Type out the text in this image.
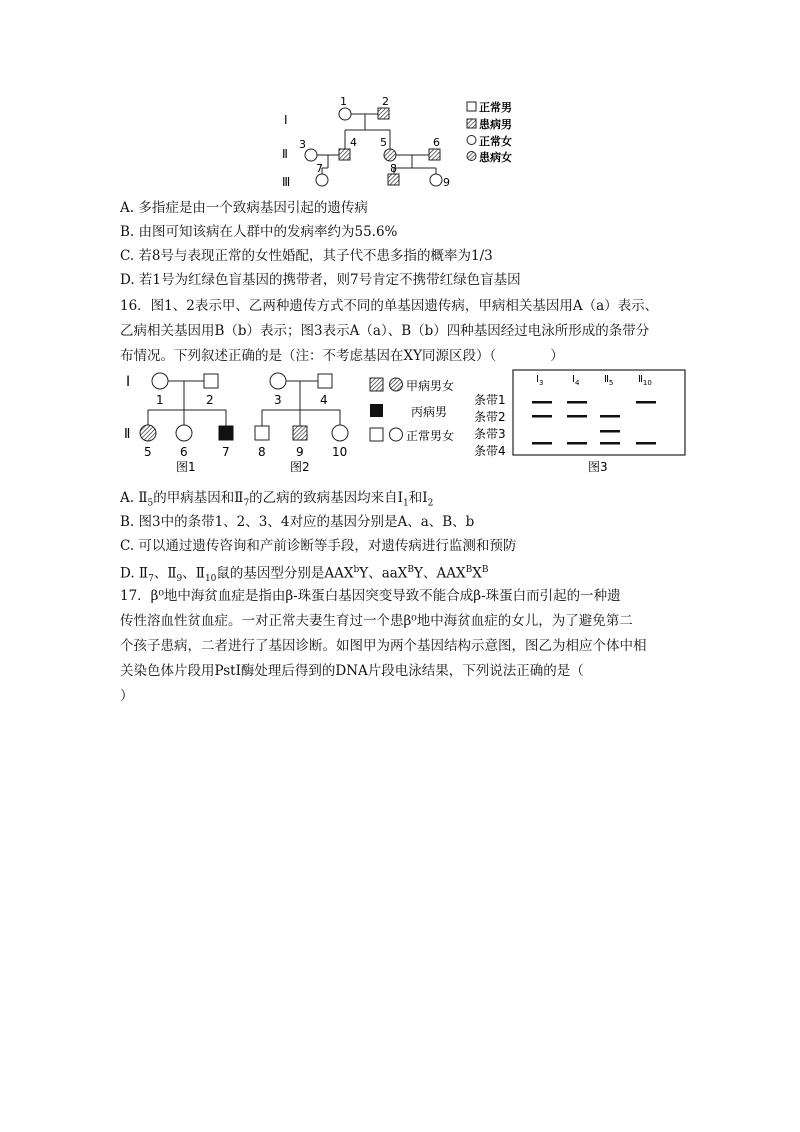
Ⅰ
Ⅱ
Ⅲ
1	2
3	4 5	6
7	8
9
正常男
患病男
正常女
患病女
A. 多指症是由一个致病基因引起的遗传病
B. 由图可知该病在人群中的发病率约为55.6%
C. 若8号与表现正常的女性婚配，其子代不患多指的概率为1/3
D. 若1号为红绿色盲基因的携带者，则7号肯定不携带红绿色盲基因
16．图1、2表示甲、乙两种遗传方式不同的单基因遗传病，甲病相关基因用A（a）表示、
乙病相关基因用B（b）表示；图3表示A（a）、B（b）四种基因经过电泳所形成的条带分
布情况。下列叙述正确的是（注：不考虑基因在XY同源区段）（　　　　）
Ⅰ
Ⅱ
1	2
5 6	7
图1
3	4
8	9 10
图2
甲病男女
丙病男
正常男女
$Ⅰ_3$	$Ⅰ_4$ $Ⅱ_5$ $Ⅱ_{10}$
条带1
条带2
条带3
条带4
图3
A. $Ⅱ_5$的甲病基因和$Ⅱ_7$的乙病的致病基因均来自$Ⅰ_1$和$Ⅰ_2$
B. 图3中的条带1、2、3、4对应的基因分别是A、a、B、b
C. 可以通过遗传咨询和产前诊断等手段，对遗传病进行监测和预防
D. $Ⅱ_7$、$Ⅱ_9$、$Ⅱ_{10}$鼠的基因型分别是AAX$^b$Y、aaX$^B$Y、$AAX^BX^B$
17．β⁰地中海贫血症是指由β-珠蛋白基因突变导致不能合成β-珠蛋白而引起的一种遗
传性溶血性贫血症。一对正常夫妻生育过一个患β⁰地中海贫血症的女儿，为了避免第二
个孩子患病，二者进行了基因诊断。如图甲为两个基因结构示意图，图乙为相应个体中相
关染色体片段用PstⅠ酶处理后得到的DNA片段电泳结果，下列说法正确的是（
）
